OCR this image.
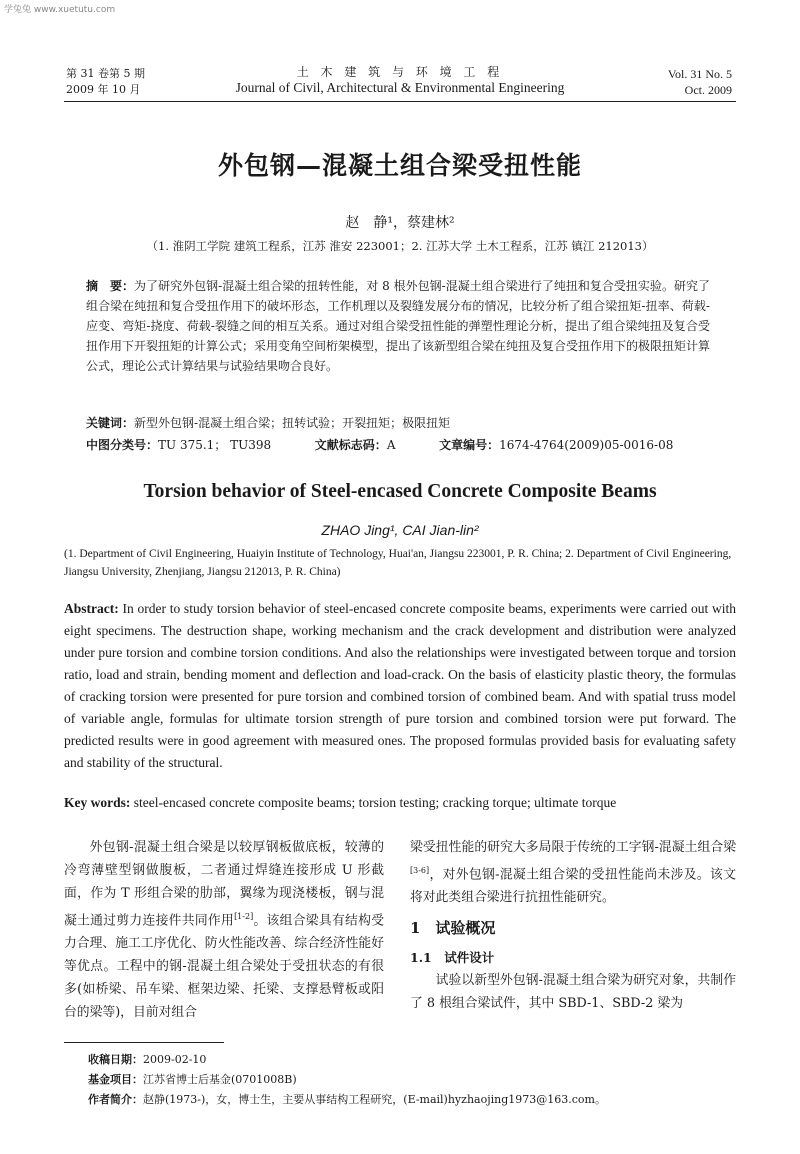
学兔兔 www.xuetutu.com
第 31 卷第 5 期
2009 年 10 月
土 木 建 筑 与 环 境 工 程
Journal of Civil, Architectural & Environmental Engineering
Vol. 31 No. 5
Oct. 2009
外包钢—混凝土组合梁受扭性能
赵　静¹，蔡建林²
（1. 淮阴工学院 建筑工程系，江苏 淮安 223001；2. 江苏大学 土木工程系，江苏 镇江 212013）
摘　要：为了研究外包钢-混凝土组合梁的扭转性能，对 8 根外包钢-混凝土组合梁进行了纯扭和复合受扭实验。研究了组合梁在纯扭和复合受扭作用下的破坏形态，工作机理以及裂缝发展分布的情况，比较分析了组合梁扭矩-扭率、荷载-应变、弯矩-挠度、荷载-裂缝之间的相互关系。通过对组合梁受扭性能的弹塑性理论分析，提出了组合梁纯扭及复合受扭作用下开裂扭矩的计算公式；采用变角空间桁架模型，提出了该新型组合梁在纯扭及复合受扭作用下的极限扭矩计算公式，理论公式计算结果与试验结果吻合良好。
关键词：新型外包钢-混凝土组合梁；扭转试验；开裂扭矩；极限扭矩
中图分类号：TU 375.1； TU398	文献标志码：A	文章编号：1674-4764(2009)05-0016-08
Torsion behavior of Steel-encased Concrete Composite Beams
ZHAO Jing¹, CAI Jian-lin²
(1. Department of Civil Engineering, Huaiyin Institute of Technology, Huai'an, Jiangsu 223001, P. R. China; 2. Department of Civil Engineering, Jiangsu University, Zhenjiang, Jiangsu 212013, P. R. China)
Abstract: In order to study torsion behavior of steel-encased concrete composite beams, experiments were carried out with eight specimens. The destruction shape, working mechanism and the crack development and distribution were analyzed under pure torsion and combine torsion conditions. And also the relationships were investigated between torque and torsion ratio, load and strain, bending moment and deflection and load-crack. On the basis of elasticity plastic theory, the formulas of cracking torsion were presented for pure torsion and combined torsion of combined beam. And with spatial truss model of variable angle, formulas for ultimate torsion strength of pure torsion and combined torsion were put forward. The predicted results were in good agreement with measured ones. The proposed formulas provided basis for evaluating safety and stability of the structural.
Key words: steel-encased concrete composite beams; torsion testing; cracking torque; ultimate torque

外包钢-混凝土组合梁是以较厚钢板做底板，较薄的冷弯薄壁型钢做腹板，二者通过焊缝连接形成 U 形截面，作为 T 形组合梁的肋部，翼缘为现浇楼板，钢与混凝土通过剪力连接件共同作用[1-2]。该组合梁具有结构受力合理、施工工序优化、防火性能改善、综合经济性能好等优点。工程中的钢-混凝土组合梁处于受扭状态的有很多(如桥梁、吊车梁、框架边梁、托梁、支撑悬臂板或阳台的梁等)，目前对组合

梁受扭性能的研究大多局限于传统的工字钢-混凝土组合梁[3-6]，对外包钢-混凝土组合梁的受扭性能尚未涉及。该文将对此类组合梁进行抗扭性能研究。

1　试验概况
1.1　试件设计

试验以新型外包钢-混凝土组合梁为研究对象，共制作了 8 根组合梁试件，其中 SBD-1、SBD-2 梁为

收稿日期：2009-02-10
基金项目：江苏省博士后基金(0701008B)
作者简介：赵静(1973-)，女，博士生，主要从事结构工程研究，(E-mail)hyzhaojing1973@163.com。
